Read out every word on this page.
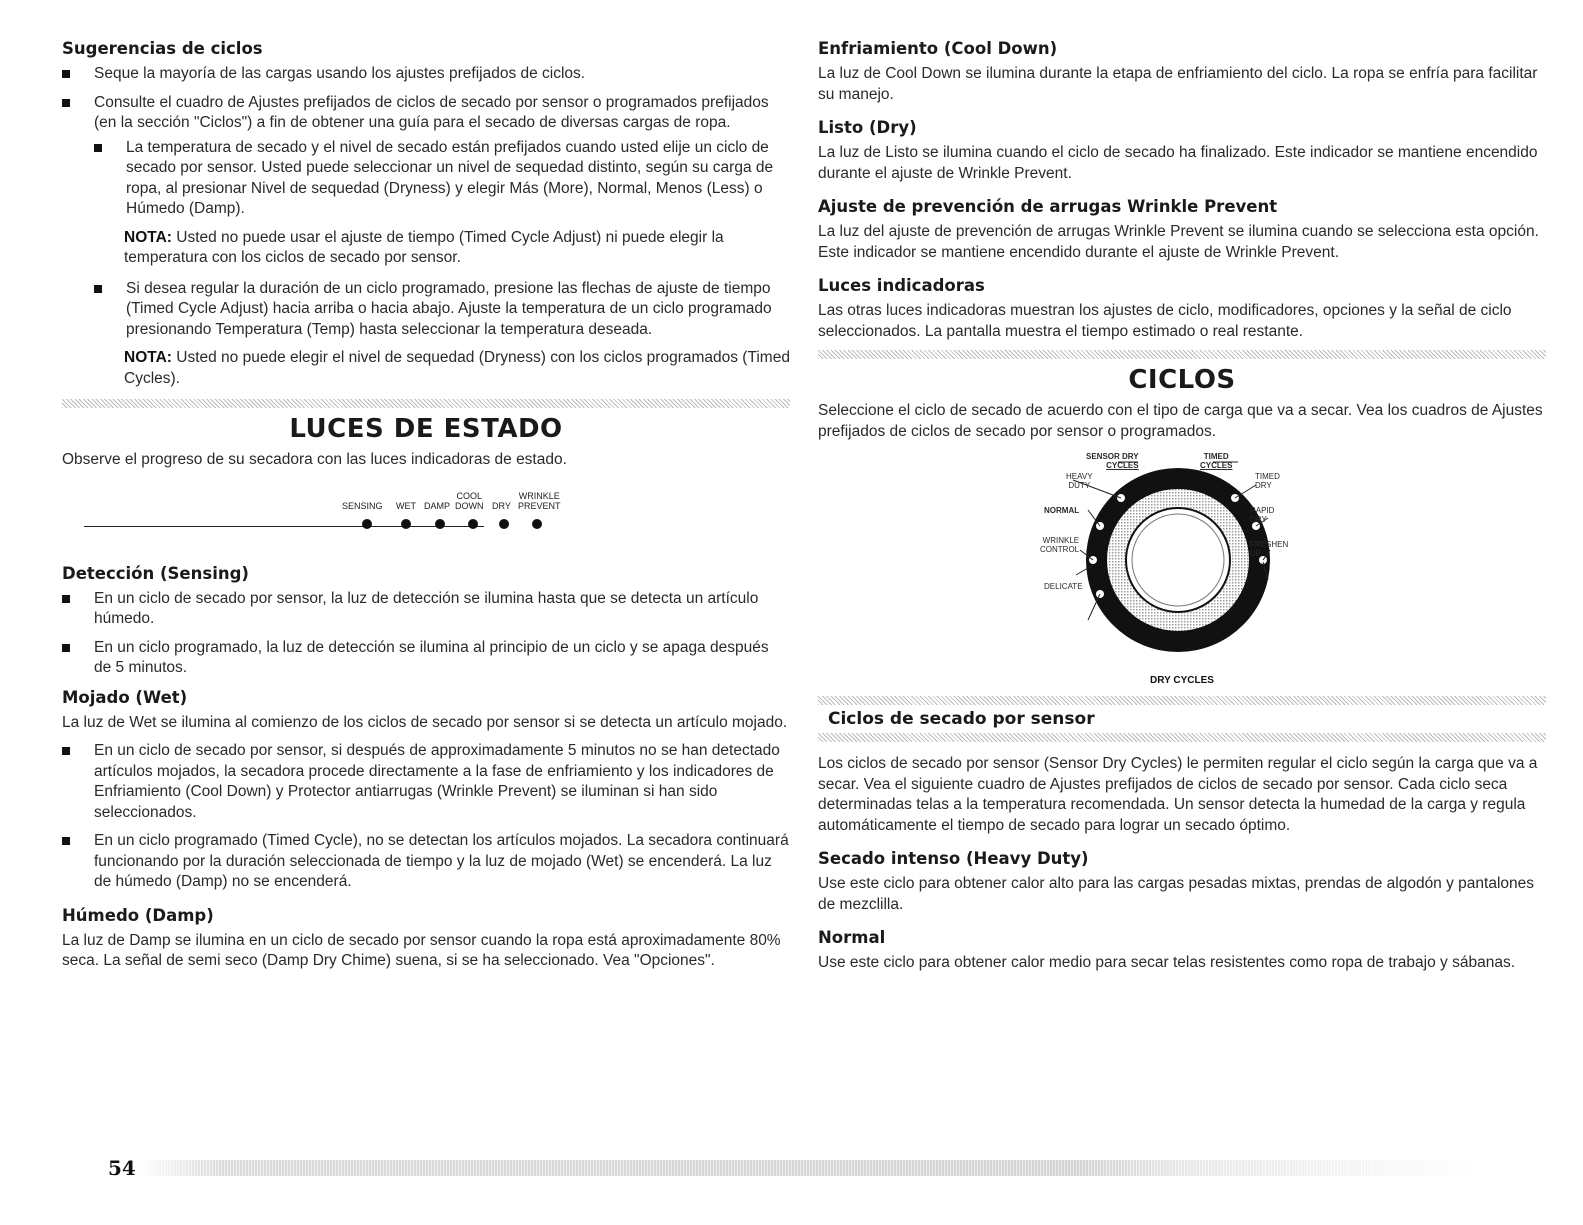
Sugerencias de ciclos
Seque la mayoría de las cargas usando los ajustes prefijados de ciclos.
Consulte el cuadro de Ajustes prefijados de ciclos de secado por sensor o programados prefijados (en la sección "Ciclos") a fin de obtener una guía para el secado de diversas cargas de ropa.
La temperatura de secado y el nivel de secado están prefijados cuando usted elije un ciclo de secado por sensor. Usted puede seleccionar un nivel de sequedad distinto, según su carga de ropa, al presionar Nivel de sequedad (Dryness) y elegir Más (More), Normal, Menos (Less) o Húmedo (Damp).
NOTA: Usted no puede usar el ajuste de tiempo (Timed Cycle Adjust) ni puede elegir la temperatura con los ciclos de secado por sensor.
Si desea regular la duración de un ciclo programado, presione las flechas de ajuste de tiempo (Timed Cycle Adjust) hacia arriba o hacia abajo. Ajuste la temperatura de un ciclo programado presionando Temperatura (Temp) hasta seleccionar la temperatura deseada.
NOTA: Usted no puede elegir el nivel de sequedad (Dryness) con los ciclos programados (Timed Cycles).
LUCES DE ESTADO

Observe el progreso de su secadora con las luces indicadoras de estado.

SENSING WET DAMP
COOL
DOWN DRY
WRINKLE
PREVENT
Detección (Sensing)
En un ciclo de secado por sensor, la luz de detección se ilumina hasta que se detecta un artículo húmedo.
En un ciclo programado, la luz de detección se ilumina al principio de un ciclo y se apaga después de 5 minutos.
Mojado (Wet)

La luz de Wet se ilumina al comienzo de los ciclos de secado por sensor si se detecta un artículo mojado.

En un ciclo de secado por sensor, si después de approximadamente 5 minutos no se han detectado artículos mojados, la secadora procede directamente a la fase de enfriamiento y los indicadores de Enfriamiento (Cool Down) y Protector antiarrugas (Wrinkle Prevent) se iluminan si han sido seleccionados.
En un ciclo programado (Timed Cycle), no se detectan los artículos mojados. La secadora continuará funcionando por la duración seleccionada de tiempo y la luz de mojado (Wet) se encenderá. La luz de húmedo (Damp) no se encenderá.
Húmedo (Damp)

La luz de Damp se ilumina en un ciclo de secado por sensor cuando la ropa está aproximadamente 80% seca. La señal de semi seco (Damp Dry Chime) suena, si se ha seleccionado. Vea "Opciones".

Enfriamiento (Cool Down)

La luz de Cool Down se ilumina durante la etapa de enfriamiento del ciclo. La ropa se enfría para facilitar su manejo.

Listo (Dry)

La luz de Listo se ilumina cuando el ciclo de secado ha finalizado. Este indicador se mantiene encendido durante el ajuste de Wrinkle Prevent.

Ajuste de prevención de arrugas Wrinkle Prevent

La luz del ajuste de prevención de arrugas Wrinkle Prevent se ilumina cuando se selecciona esta opción. Este indicador se mantiene encendido durante el ajuste de Wrinkle Prevent.

Luces indicadoras

Las otras luces indicadoras muestran los ajustes de ciclo, modificadores, opciones y la señal de ciclo seleccionados. La pantalla muestra el tiempo estimado o real restante.

CICLOS

Seleccione el ciclo de secado de acuerdo con el tipo de carga que va a secar. Vea los cuadros de Ajustes prefijados de ciclos de secado por sensor o programados.

SENSOR DRY
CYCLES
TIMED
CYCLES
HEAVY
DUTY
NORMAL
WRINKLE
CONTROL
DELICATE
TIMED
DRY
RAPID
DRY
FRESHEN
UP
DRY CYCLES
Ciclos de secado por sensor

Los ciclos de secado por sensor (Sensor Dry Cycles) le permiten regular el ciclo según la carga que va a secar. Vea el siguiente cuadro de Ajustes prefijados de ciclos de secado por sensor. Cada ciclo seca determinadas telas a la temperatura recomendada. Un sensor detecta la humedad de la carga y regula automáticamente el tiempo de secado para lograr un secado óptimo.

Secado intenso (Heavy Duty)

Use este ciclo para obtener calor alto para las cargas pesadas mixtas, prendas de algodón y pantalones de mezclilla.

Normal

Use este ciclo para obtener calor medio para secar telas resistentes como ropa de trabajo y sábanas.

54
